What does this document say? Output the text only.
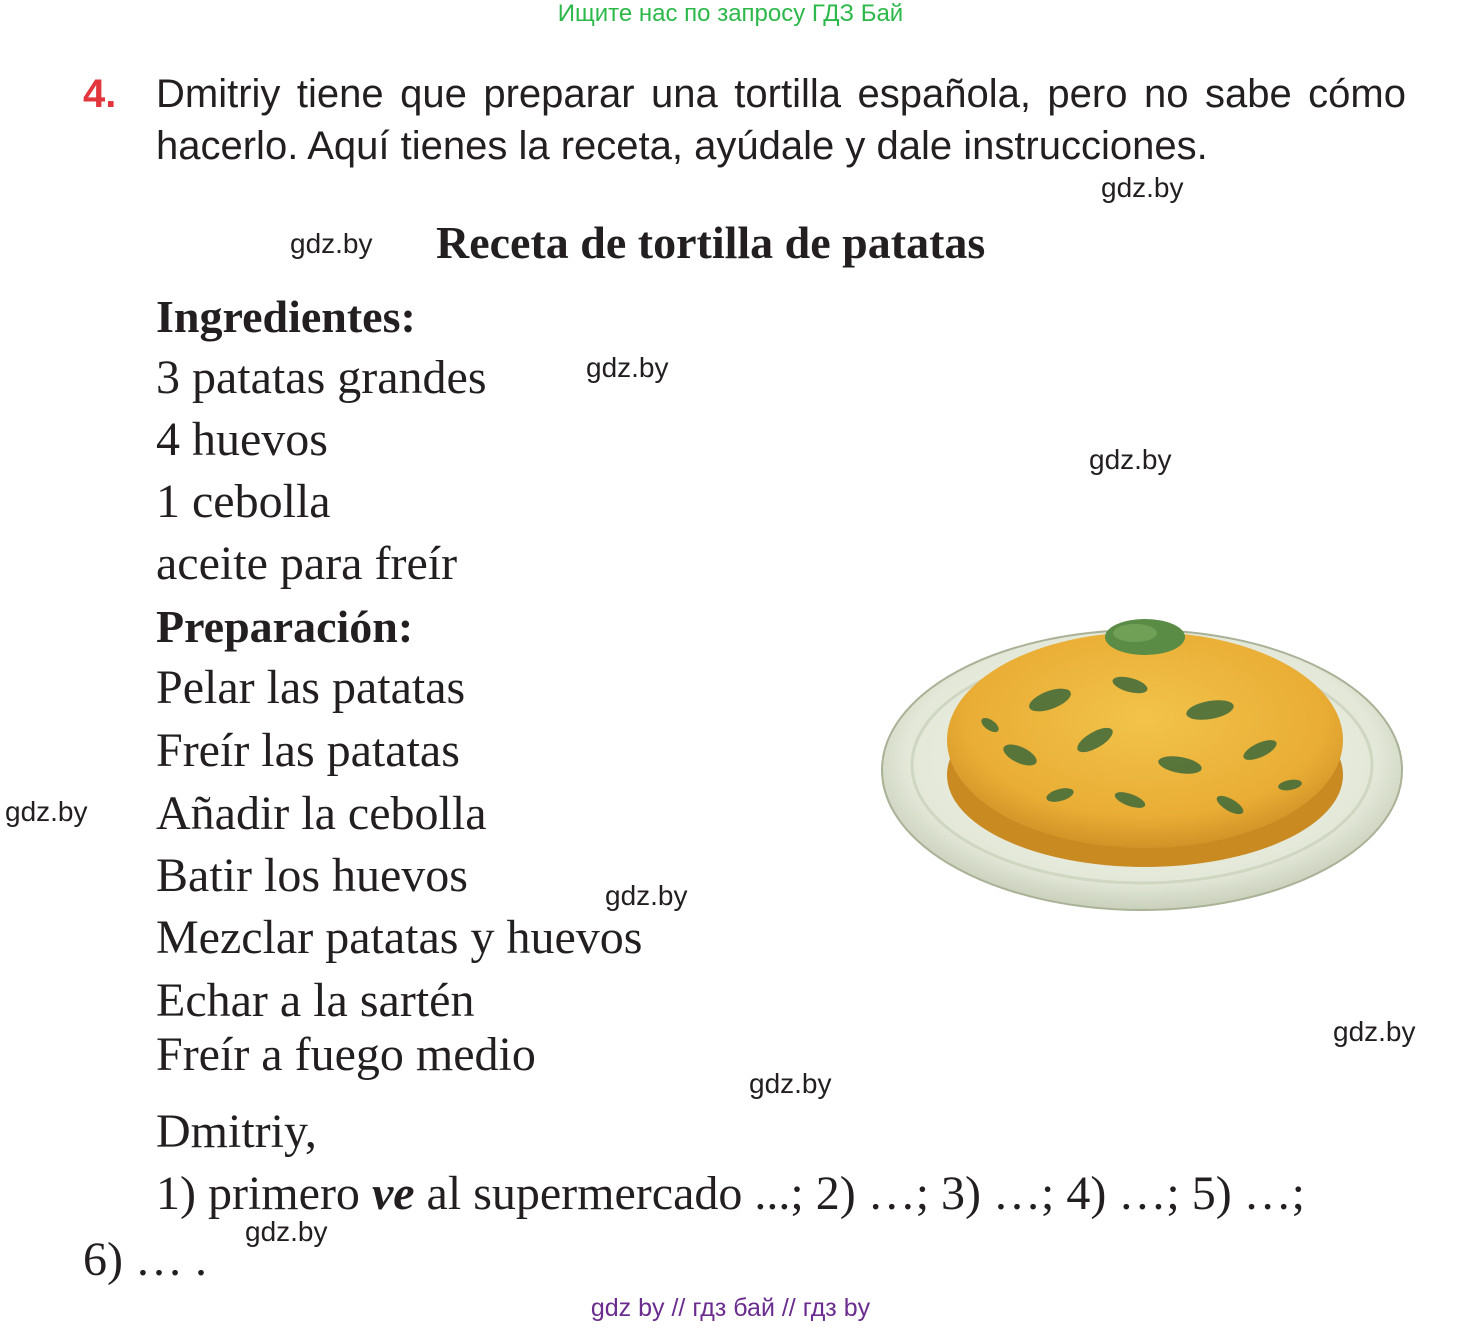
Ищите нас по запросу ГДЗ Бай
4. Dmitriy tiene que preparar una tortilla española, pero no sabe cómo hacerlo. Aquí tienes la receta, ayúdale y dale instrucciones.
gdz.by
gdz.by Receta de tortilla de patatas
Ingredientes:
3 patatas grandes
4 huevos
1 cebolla
aceite para freír
gdz.by
gdz.by
Preparación:
Pelar las patatas
Freír las patatas
Añadir la cebolla
Batir los huevos
Mezclar patatas y huevos
Echar a la sartén
Freír a fuego medio
gdz.by
gdz.by
gdz.by
gdz.by
Dmitriy,
1) primero ve al supermercado ...; 2) …; 3) …; 4) …; 5) …;
6) … .
gdz.by
gdz by // гдз бай // гдз by
